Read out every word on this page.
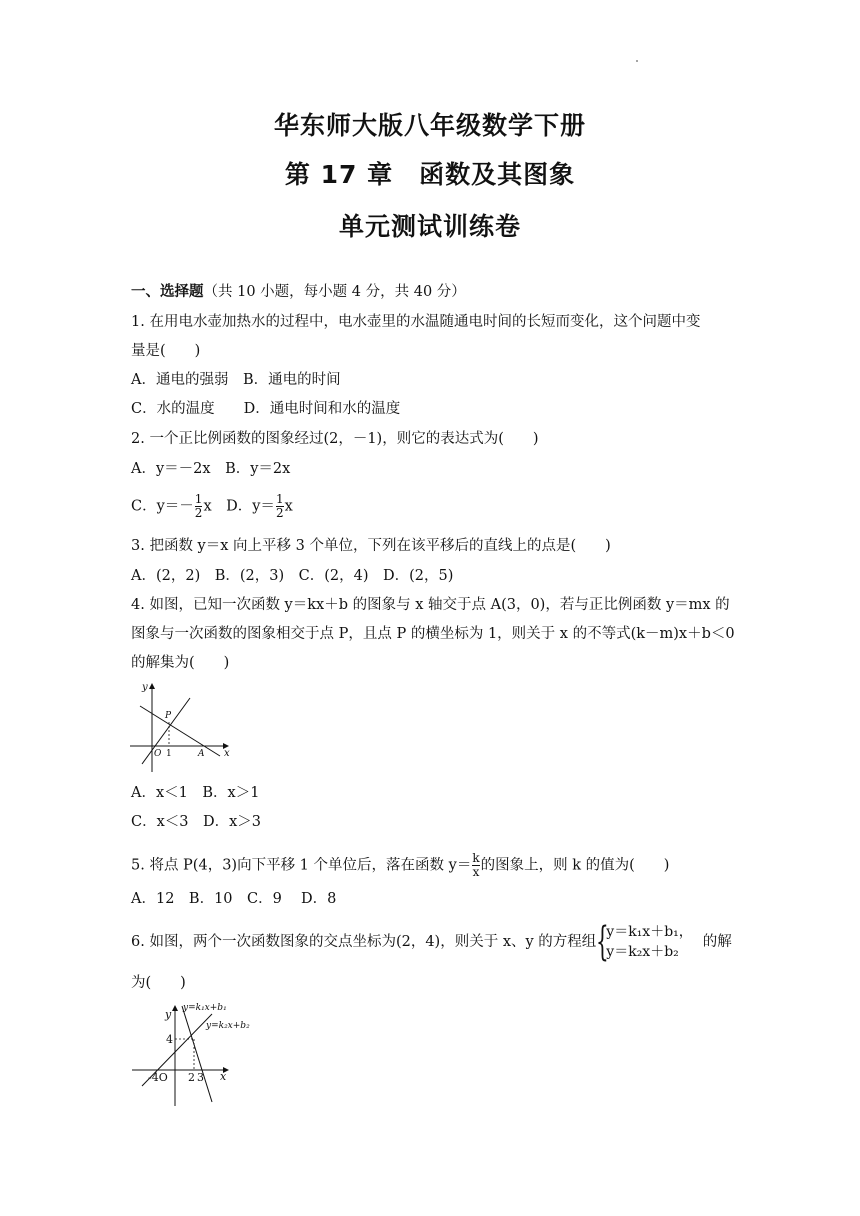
华东师大版八年级数学下册
第 17 章　函数及其图象
单元测试训练卷
一、选择题（共 10 小题，每小题 4 分，共 40 分）
1. 在用电水壶加热水的过程中，电水壶里的水温随通电时间的长短而变化，这个问题中变
量是(　　)
A．通电的强弱　B．通电的时间
C．水的温度　　D．通电时间和水的温度
2. 一个正比例函数的图象经过(2，－1)，则它的表达式为(　　)
A．y＝－2x　B．y＝2x
C．$y=- \frac{1}{2}$ x　D．$y= \frac{1}{2}$ x
3. 把函数 y＝x 向上平移 3 个单位，下列在该平移后的直线上的点是(　　)
A．(2，2)　B．(2，3)　C．(2，4)　D．(2，5)
4. 如图，已知一次函数 y＝kx＋b 的图象与 x 轴交于点 A(3，0)，若与正比例函数 y＝mx 的
图象与一次函数的图象相交于点 P，且点 P 的横坐标为 1，则关于 x 的不等式(k－m)x＋b＜0
的解集为(　　)
y
x
P
O 1	A
A．x＜1　B．x＞1
C．x＜3　D．x＞3
5. 将点 P(4，3)向下平移 1 个单位后，落在函数 $y= \frac{k}{x}$ 的图象上，则 k 的值为(　　)
A．12　B．10　C．9　 D．8
6. 如图，两个一次函数图象的交点坐标为(2，4)，则关于 x、y 的方程组 {
y＝k₁x＋b₁，
y＝k₂x＋b₂
的解
为(　　)
y
x
4
-4O 2 3
y=k₁x+b₁
y=k₂x+b₂
